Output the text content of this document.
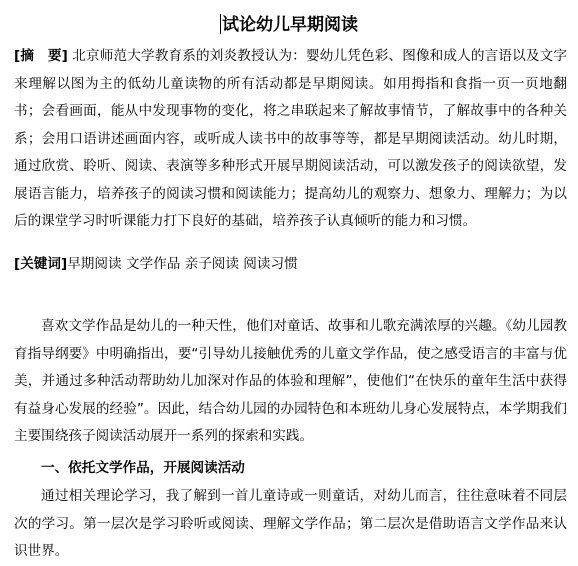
试论幼儿早期阅读

[摘　要] 北京师范大学教育系的刘炎教授认为：婴幼儿凭色彩、图像和成人的言语以及文字来理解以图为主的低幼儿童读物的所有活动都是早期阅读。如用拇指和食指一页一页地翻书；会看画面，能从中发现事物的变化，将之串联起来了解故事情节，了解故事中的各种关系；会用口语讲述画面内容，或听成人读书中的故事等等，都是早期阅读活动。幼儿时期，通过欣赏、聆听、阅读、表演等多种形式开展早期阅读活动，可以激发孩子的阅读欲望，发展语言能力，培养孩子的阅读习惯和阅读能力；提高幼儿的观察力、想象力、理解力；为以后的课堂学习时听课能力打下良好的基础，培养孩子认真倾听的能力和习惯。

[关键词]早期阅读 文学作品 亲子阅读 阅读习惯

喜欢文学作品是幼儿的一种天性，他们对童话、故事和儿歌充满浓厚的兴趣。《幼儿园教育指导纲要》中明确指出，要“引导幼儿接触优秀的儿童文学作品，使之感受语言的丰富与优美，并通过多种活动帮助幼儿加深对作品的体验和理解”，使他们“在快乐的童年生活中获得有益身心发展的经验”。因此，结合幼儿园的办园特色和本班幼儿身心发展特点，本学期我们主要围绕孩子阅读活动展开一系列的探索和实践。

一、依托文学作品，开展阅读活动

通过相关理论学习，我了解到一首儿童诗或一则童话，对幼儿而言，往往意味着不同层次的学习。第一层次是学习聆听或阅读、理解文学作品；第二层次是借助语言文学作品来认识世界。
